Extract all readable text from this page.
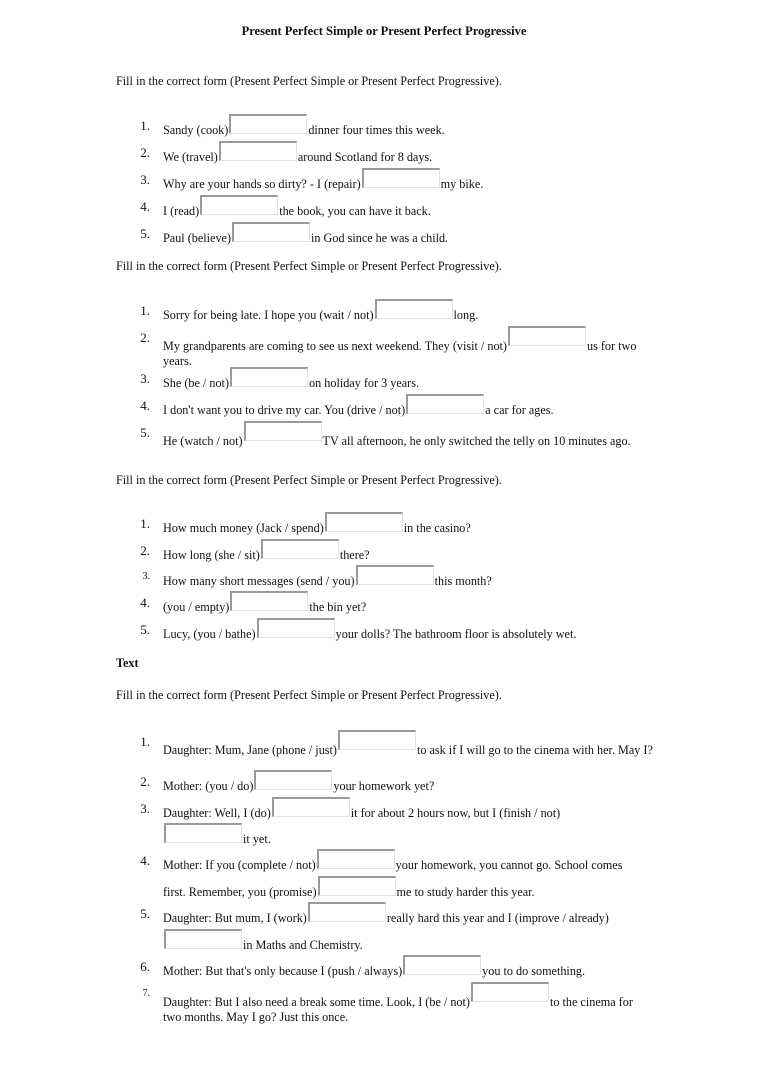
Present Perfect Simple or Present Perfect Progressive
Fill in the correct form (Present Perfect Simple or Present Perfect Progressive).
1. Sandy (cook)	dinner four times this week.
2. We (travel)	around Scotland for 8 days.
3. Why are your hands so dirty? - I (repair)	my bike.
4. I (read)	the book, you can have it back.
5. Paul (believe)	in God since he was a child.
Fill in the correct form (Present Perfect Simple or Present Perfect Progressive).
1. Sorry for being late. I hope you (wait / not)	long.
2.
My grandparents are coming to see us next weekend. They (visit / not)	us for two years.
3. She (be / not)	on holiday for 3 years.
4. I don't want you to drive my car. You (drive / not)	a car for ages.
5.
He (watch / not)	TV all afternoon, he only switched the telly on 10 minutes ago.
Fill in the correct form (Present Perfect Simple or Present Perfect Progressive).
1. How much money (Jack / spend)	in the casino?
2. How long (she / sit)	there?
3. How many short messages (send / you)	this month?
4. (you / empty)	the bin yet?
5. Lucy, (you / bathe)	your dolls? The bathroom floor is absolutely wet.
Text
Fill in the correct form (Present Perfect Simple or Present Perfect Progressive).
1.
Daughter: Mum, Jane (phone / just)	to ask if I will go to the cinema with her. May I?
2. Mother: (you / do)	your homework yet?
3. Daughter: Well, I (do)	it for about 2 hours now, but I (finish / not)
it yet.
4. Mother: If you (complete / not)	your homework, you cannot go. School comes
first. Remember, you (promise)	me to study harder this year.
5. Daughter: But mum, I (work)	really hard this year and I (improve / already)
in Maths and Chemistry.
6. Mother: But that's only because I (push / always)	you to do something.
7.
Daughter: But I also need a break some time. Look, I (be / not)	to the cinema for two months. May I go? Just this once.
